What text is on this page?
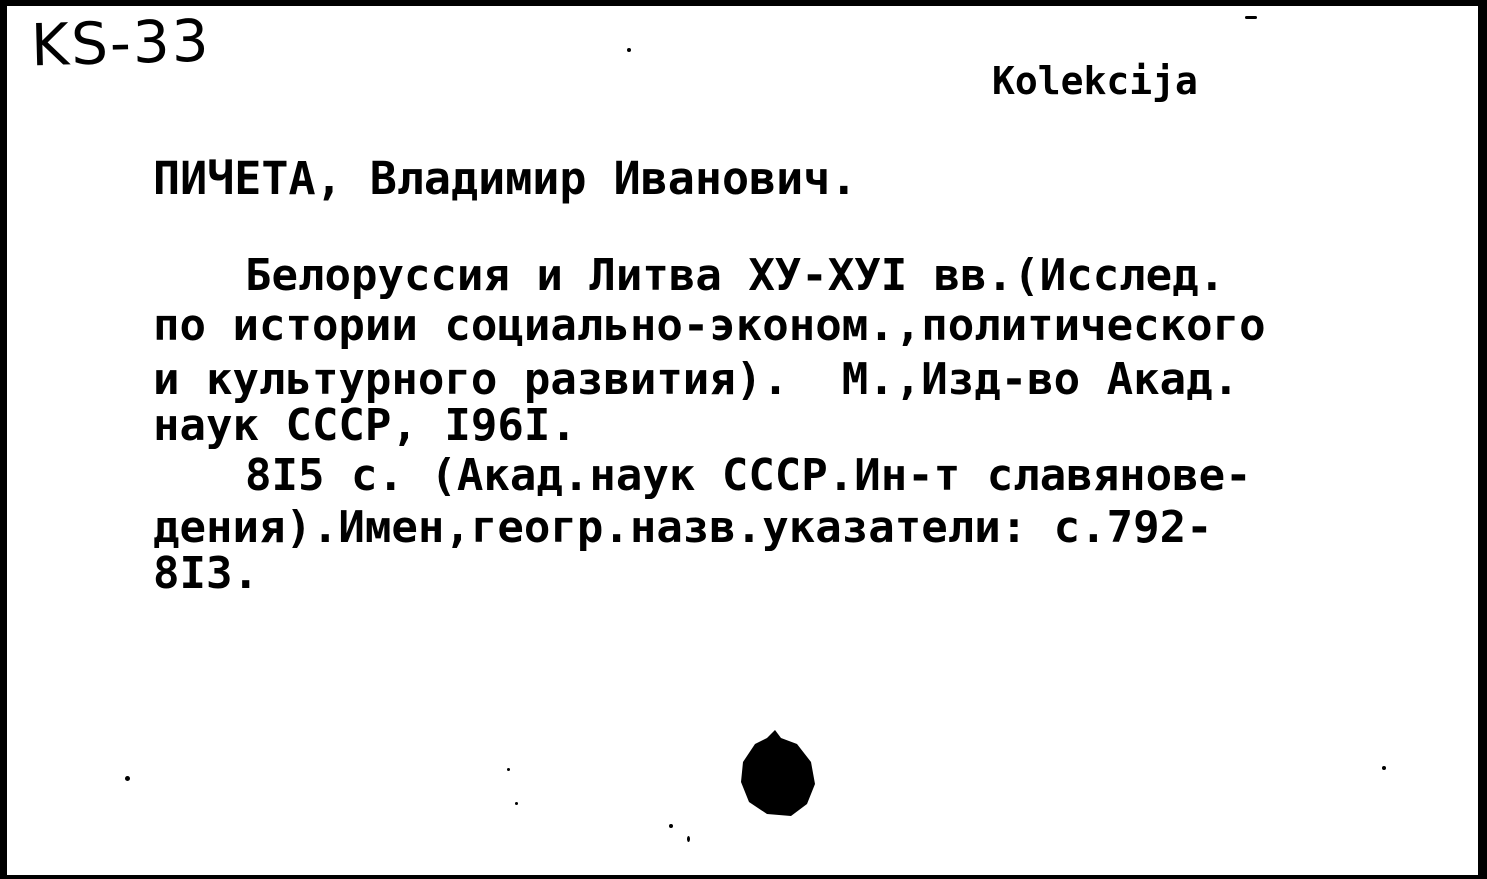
KS-33
Kolekcija
ПИЧЕТА, Владимир Иванович.
Белоруссия и Литва ХУ-ХУI вв.(Исслед.
по истории социально-эконом.,политического
и культурного развития).  М.,Изд-во Акад.
наук СССР, I96I.
8I5 с. (Акад.наук СССР.Ин-т славянове-
дения).Имен,геогр.назв.указатели: с.792-
8I3.
